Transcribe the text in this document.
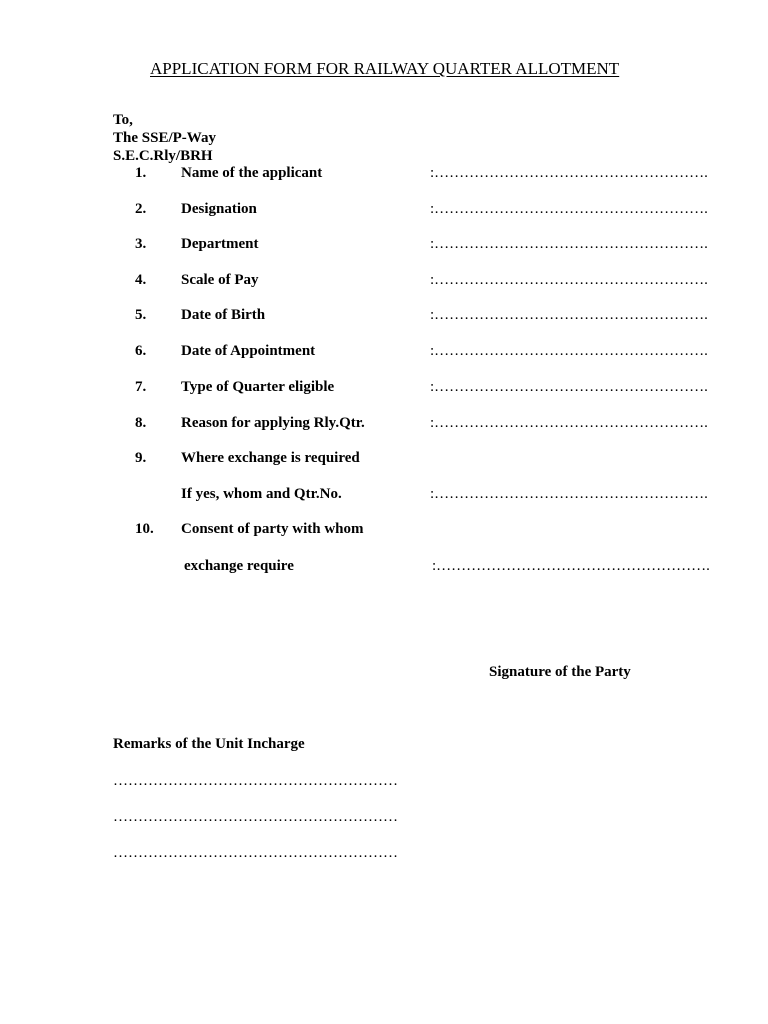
APPLICATION FORM FOR RAILWAY QUARTER ALLOTMENT
To,
The SSE/P-Way
S.E.C.Rly/BRH
1. Name of the applicant	:……………………………………………….
2. Designation	:……………………………………………….
3. Department	:……………………………………………….
4. Scale of Pay	:……………………………………………….
5. Date of Birth	:……………………………………………….
6. Date of Appointment	:……………………………………………….
7. Type of Quarter eligible	:……………………………………………….
8. Reason for applying Rly.Qtr.	:……………………………………………….
9. Where exchange is required
If yes, whom and Qtr.No.	:……………………………………………….
10. Consent of party with whom
exchange require	:……………………………………………….
Signature of the Party
Remarks of the Unit Incharge
…………………………………………………
…………………………………………………
…………………………………………………
